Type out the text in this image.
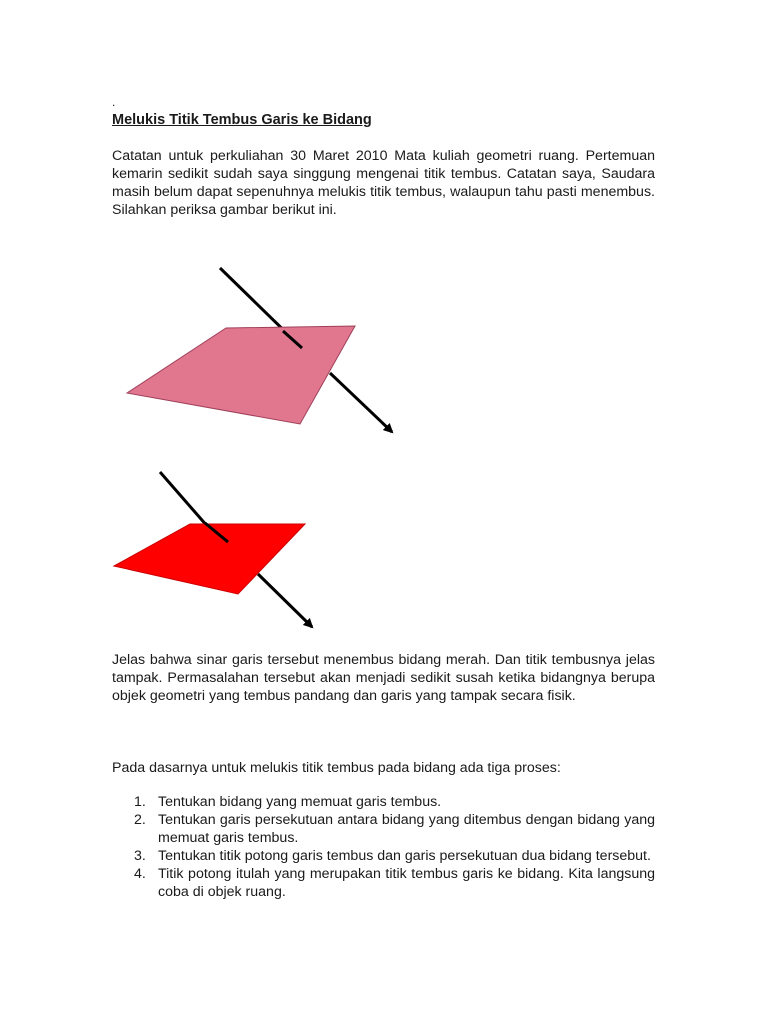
.
Melukis Titik Tembus Garis ke Bidang

Catatan untuk perkuliahan 30 Maret 2010 Mata kuliah geometri ruang. Pertemuan kemarin sedikit sudah saya singgung mengenai titik tembus. Catatan saya, Saudara masih belum dapat sepenuhnya melukis titik tembus, walaupun tahu pasti menembus. Silahkan periksa gambar berikut ini.

Jelas bahwa sinar garis tersebut menembus bidang merah. Dan titik tembusnya jelas tampak. Permasalahan tersebut akan menjadi sedikit susah ketika bidangnya berupa objek geometri yang tembus pandang dan garis yang tampak secara fisik.

Pada dasarnya untuk melukis titik tembus pada bidang ada tiga proses:

1. Tentukan bidang yang memuat garis tembus.
2. Tentukan garis persekutuan antara bidang yang ditembus dengan bidang yang memuat garis tembus.
3. Tentukan titik potong garis tembus dan garis persekutuan dua bidang tersebut.
4. Titik potong itulah yang merupakan titik tembus garis ke bidang. Kita langsung coba di objek ruang.
